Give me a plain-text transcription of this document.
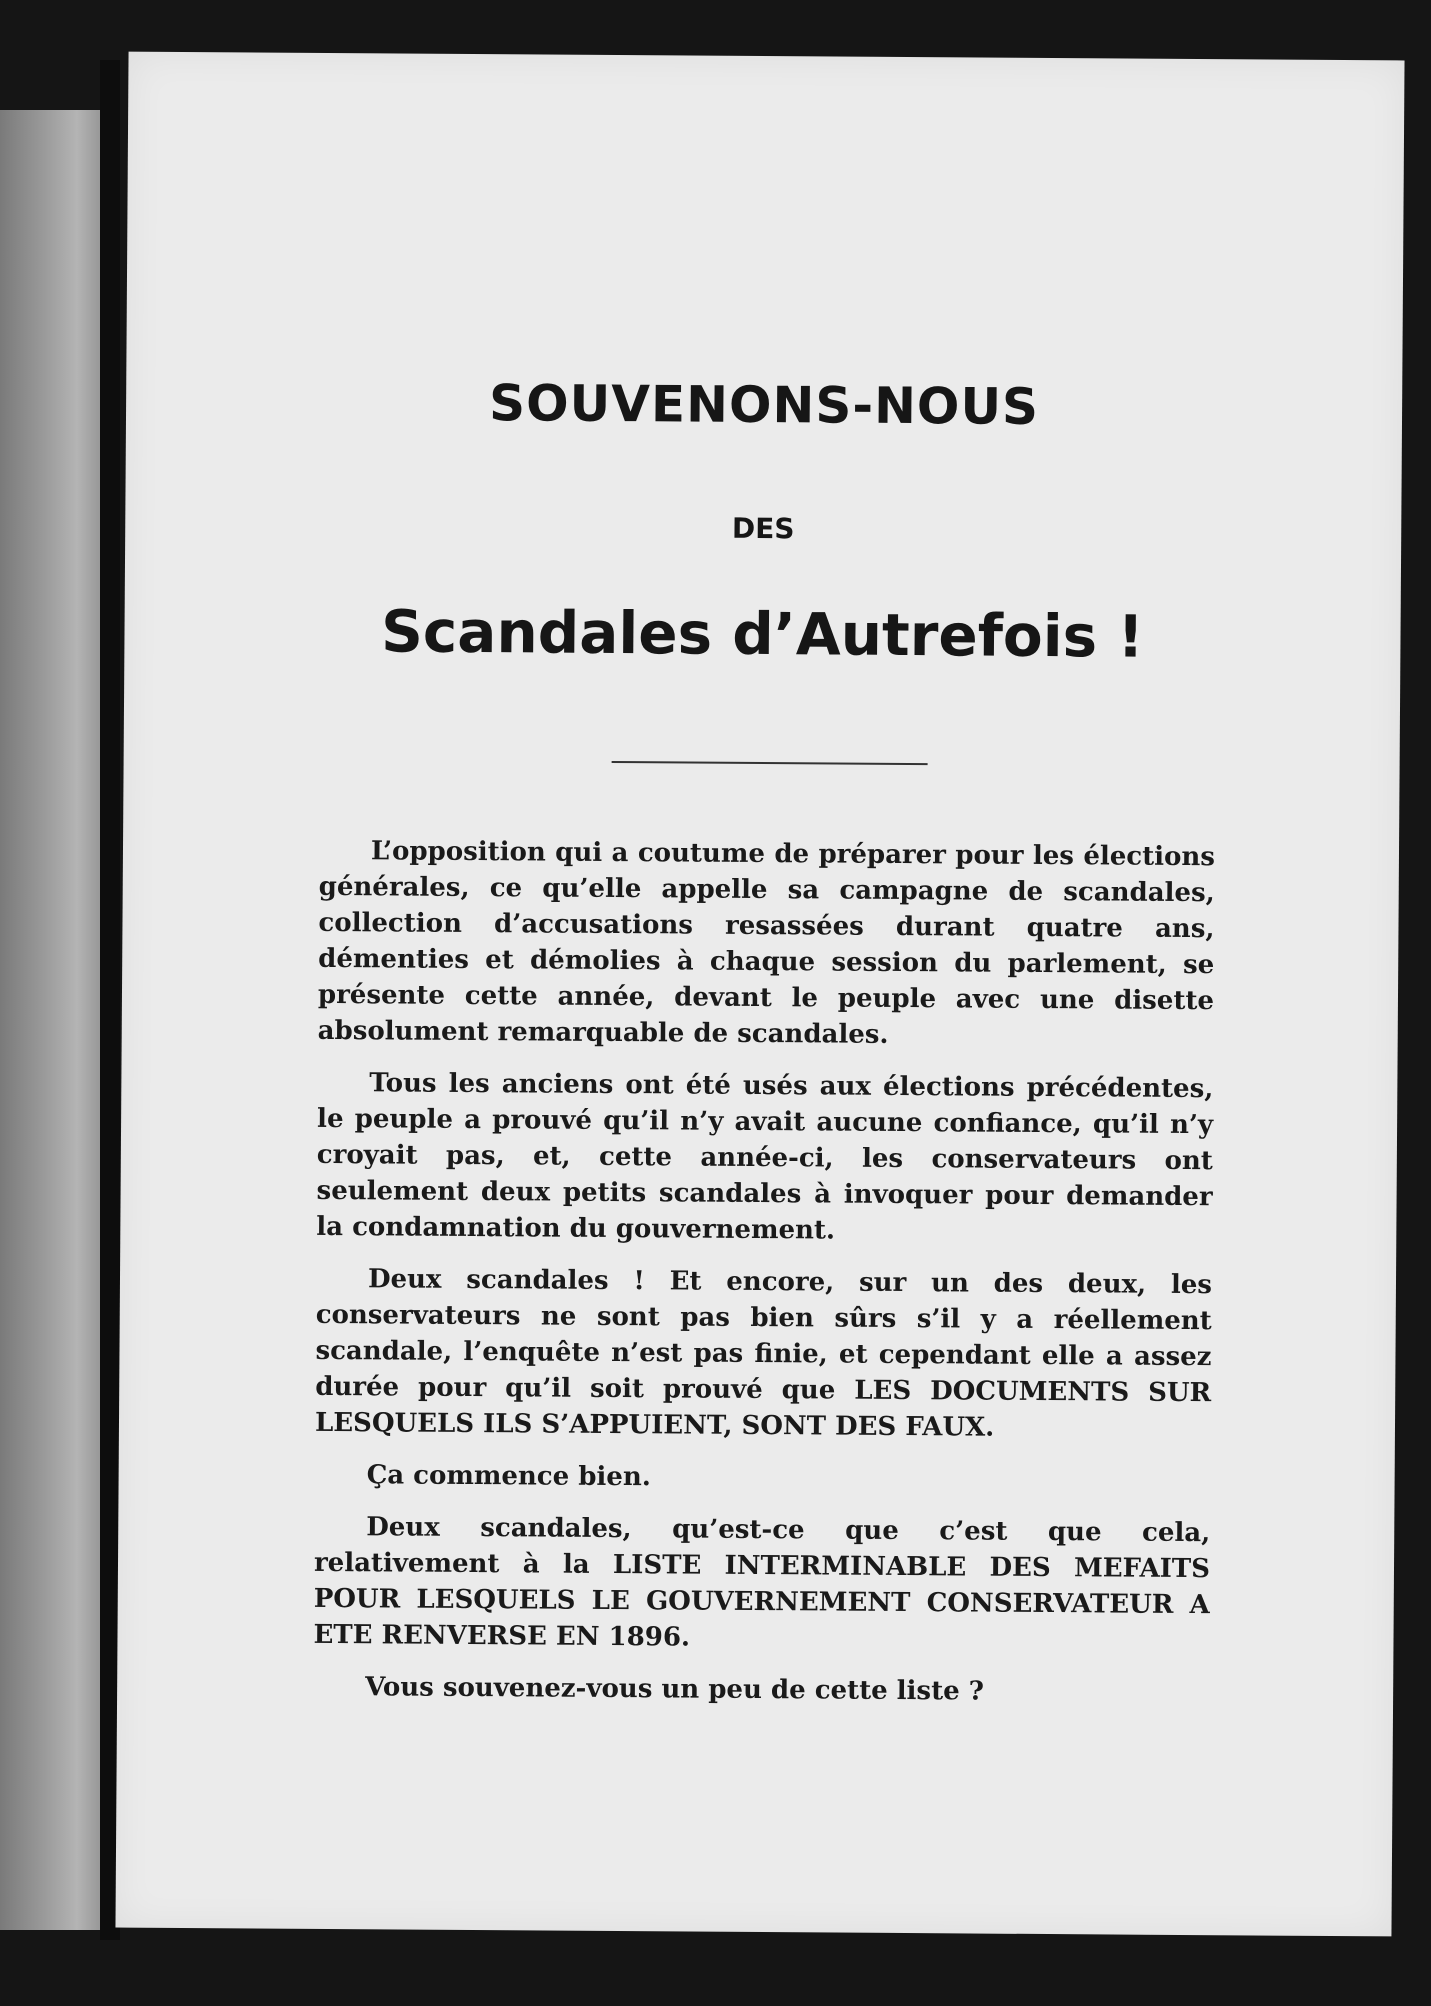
SOUVENONS-NOUS
DES
Scandales d’Autrefois !

L’opposition qui a coutume de préparer pour les élections générales, ce qu’elle appelle sa campagne de scandales, collection d’accusations resassées durant quatre ans, démenties et démolies à chaque session du parlement, se présente cette année, devant le peuple avec une disette absolument remarquable de scandales.

Tous les anciens ont été usés aux élections précédentes, le peuple a prouvé qu’il n’y avait aucune confiance, qu’il n’y croyait pas, et, cette année-ci, les conservateurs ont seulement deux petits scandales à invoquer pour demander la condamnation du gouvernement.

Deux scandales ! Et encore, sur un des deux, les conservateurs ne sont pas bien sûrs s’il y a réellement scandale, l’enquête n’est pas finie, et cependant elle a assez durée pour qu’il soit prouvé que LES DOCUMENTS SUR LESQUELS ILS S’APPUIENT, SONT DES FAUX.

Ça commence bien.

Deux scandales, qu’est-ce que c’est que cela, relativement à la LISTE INTERMINABLE DES MEFAITS POUR LESQUELS LE GOUVERNEMENT CONSERVATEUR A ETE RENVERSE EN 1896.

Vous souvenez-vous un peu de cette liste ?
